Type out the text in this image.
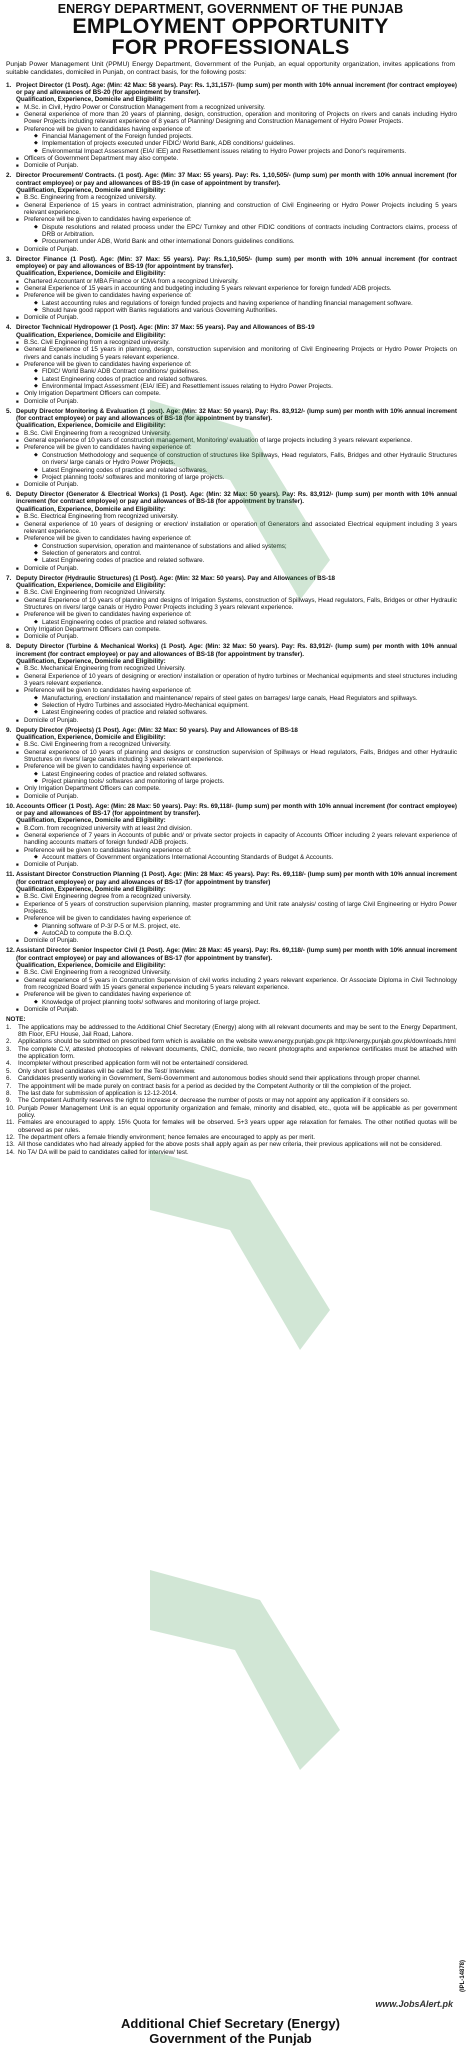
ENERGY DEPARTMENT, GOVERNMENT OF THE PUNJAB
EMPLOYMENT OPPORTUNITY
FOR PROFESSIONALS
Punjab Power Management Unit (PPMU) Energy Department, Government of the Punjab, an equal opportunity organization, invites applications from suitable candidates, domiciled in Punjab, on contract basis, for the following posts:
1. Project Director (1 Post). Age: (Min: 42 Max: 58 years). Pay: Rs. 1,31,157/- (lump sum) per month with 10% annual increment (for contract employee) or pay and allowances of BS-20 (for appointment by transfer).
Qualification, Experience, Domicile and Eligibility:
■ M.Sc. in Civil, Hydro Power or Construction Management from a recognized university.
■ General experience of more than 20 years of planning, design, construction, operation and monitoring of Projects on rivers and canals including Hydro Power Projects including relevant experience of 8 years of Planning/ Designing and Construction Management of Hydro Power Projects.
■ Preference will be given to candidates having experience of:
◆ Financial Management of the Foreign funded projects.
◆ Implementation of projects executed under FIDIC/ World Bank, ADB conditions/ guidelines.
◆ Environmental Impact Assessment (EIA/ IEE) and Resettlement issues relating to Hydro Power projects and Donor's requirements.
■ Officers of Government Department may also compete.
■ Domicile of Punjab.
2. Director Procurement/ Contracts. (1 post). Age: (Min: 37 Max: 55 years). Pay: Rs. 1,10,505/- (lump sum) per month with 10% annual increment (for contract employee) or pay and allowances of BS-19 (in case of appointment by transfer).
Qualification, Experience, Domicile and Eligibility:
■ B.Sc. Engineering from a recognized university.
■ General Experience of 15 years in contract administration, planning and construction of Civil Engineering or Hydro Power Projects including 5 years relevant experience.
■ Preference will be given to candidates having experience of:
◆ Dispute resolutions and related process under the EPC/ Turnkey and other FIDIC conditions of contracts including Contractors claims, process of DRB or Arbitration.
◆ Procurement under ADB, World Bank and other international Donors guidelines conditions.
■ Domicile of Punjab.
3. Director Finance (1 Post). Age: (Min: 37 Max: 55 years). Pay: Rs.1,10,505/- (lump sum) per month with 10% annual increment (for contract employee) or pay and allowances of BS-19 (for appointment by transfer).
Qualification, Experience, Domicile and Eligibility:
■ Chartered Accountant or MBA Finance or ICMA from a recognized University.
■ General Experience of 15 years in accounting and budgeting including 5 years relevant experience for foreign funded/ ADB projects.
■ Preference will be given to candidates having experience of:
◆ Latest accounting rules and regulations of foreign funded projects and having experience of handling financial management software.
◆ Should have good rapport with Banks regulations and various Governing Authorities.
■ Domicile of Punjab.
4. Director Technical/ Hydropower (1 Post). Age: (Min: 37 Max: 55 years). Pay and Allowances of BS-19
Qualification, Experience, Domicile and Eligibility:
■ B.Sc. Civil Engineering from a recognized university.
■ General Experience of 15 years in planning, design, construction supervision and monitoring of Civil Engineering Projects or Hydro Power Projects on rivers and canals including 5 years relevant experience.
■ Preference will be given to candidates having experience of:
◆ FIDIC/ World Bank/ ADB Contract conditions/ guidelines.
◆ Latest Engineering codes of practice and related softwares.
◆ Environmental Impact Assessment (EIA/ IEE) and Resettlement issues relating to Hydro Power Projects.
■ Only Irrigation Department Officers can compete.
■ Domicile of Punjab.
5. Deputy Director Monitoring & Evaluation (1 post). Age: (Min: 32 Max: 50 years). Pay: Rs. 83,912/- (lump sum) per month with 10% annual increment (for contract employee) or pay and allowances of BS-18 (for appointment by transfer).
Qualification, Experience, Domicile and Eligibility:
■ B.Sc. Civil Engineering from a recognized University.
■ General experience of 10 years of construction management, Monitoring/ evaluation of large projects including 3 years relevant experience.
■ Preference will be given to candidates having experience of:
◆ Construction Methodology and sequence of construction of structures like Spillways, Head regulators, Falls, Bridges and other Hydraulic Structures on rivers/ large canals or Hydro Power Projects.
◆ Latest Engineering codes of practice and related softwares.
◆ Project planning tools/ softwares and monitoring of large projects.
■ Domicile of Punjab.
6. Deputy Director (Generator & Electrical Works) (1 Post). Age: (Min: 32 Max: 50 years). Pay: Rs. 83,912/- (lump sum) per month with 10% annual increment (for contract employee) or pay and allowances of BS-18 (for appointment by transfer).
Qualification, Experience, Domicile and Eligibility:
■ B.Sc. Electrical Engineering from recognized university.
■ General experience of 10 years of designing or erection/ installation or operation of Generators and associated Electrical equipment including 3 years relevant experience.
■ Preference will be given to candidates having experience of:
◆ Construction supervision, operation and maintenance of substations and allied systems;
◆ Selection of generators and control.
◆ Latest Engineering codes of practice and related software.
■ Domicile of Punjab.
7. Deputy Director (Hydraulic Structures) (1 Post). Age: (Min: 32 Max: 50 years). Pay and Allowances of BS-18
Qualification, Experience, Domicile and Eligibility:
■ B.Sc. Civil Engineering from recognized University.
■ General Experience of 10 years of planning and designs of Irrigation Systems, construction of Spillways, Head regulators, Falls, Bridges or other Hydraulic Structures on rivers/ large canals or Hydro Power Projects including 3 years relevant experience.
■ Preference will be given to candidates having experience of:
◆ Latest Engineering codes of practice and related softwares.
■ Only Irrigation Department Officers can compete.
■ Domicile of Punjab.
8. Deputy Director (Turbine & Mechanical Works) (1 Post). Age: (Min: 32 Max: 50 years). Pay: Rs. 83,912/- (lump sum) per month with 10% annual increment (for contract employee) or pay and allowances of BS-18 (for appointment by transfer).
Qualification, Experience, Domicile and Eligibility:
■ B.Sc. Mechanical Engineering from recognized University.
■ General Experience of 10 years of designing or erection/ installation or operation of hydro turbines or Mechanical equipments and steel structures including 3 years relevant experience.
■ Preference will be given to candidates having experience of:
◆ Manufacturing, erection/ installation and maintenance/ repairs of steel gates on barrages/ large canals, Head Regulators and spillways.
◆ Selection of Hydro Turbines and associated Hydro-Mechanical equipment.
◆ Latest Engineering codes of practice and related softwares.
■ Domicile of Punjab.
9. Deputy Director (Projects) (1 Post). Age: (Min: 32 Max: 50 years). Pay and Allowances of BS-18
Qualification, Experience, Domicile and Eligibility:
■ B.Sc. Civil Engineering from a recognized University.
■ General experience of 10 years of planning and designs or construction supervision of Spillways or Head regulators, Falls, Bridges and other Hydraulic Structures on rivers/ large canals including 3 years relevant experience.
■ Preference will be given to candidates having experience of:
◆ Latest Engineering codes of practice and related softwares.
◆ Project planning tools/ softwares and monitoring of large projects.
■ Only Irrigation Department Officers can compete.
■ Domicile of Punjab.
10. Accounts Officer (1 Post). Age: (Min: 28 Max: 50 years). Pay: Rs. 69,118/- (lump sum) per month with 10% annual increment (for contract employee) or pay and allowances of BS-17 (for appointment by transfer).
Qualification, Experience, Domicile and Eligibility:
■ B.Com. from recognized university with at least 2nd division.
■ General experience of 7 years in Accounts of public and/ or private sector projects in capacity of Accounts Officer including 2 years relevant experience of handling accounts matters of foreign funded/ ADB projects.
■ Preference will be given to candidates having experience of:
◆ Account matters of Government organizations International Accounting Standards of Budget & Accounts.
■ Domicile of Punjab.
11. Assistant Director Construction Planning (1 Post). Age: (Min: 28 Max: 45 years). Pay: Rs. 69,118/- (lump sum) per month with 10% annual increment (for contract employee) or pay and allowances of BS-17 (for appointment by transfer)
Qualification, Experience, Domicile and Eligibility:
■ B.Sc. Civil Engineering degree from a recognized university.
■ Experience of 5 years of construction supervision planning, master programming and Unit rate analysis/ costing of large Civil Engineering or Hydro Power Projects.
■ Preference will be given to candidates having experience of:
◆ Planning software of P-3/ P-5 or M.S. project, etc.
◆ AutoCAD to compute the B.O.Q.
■ Domicile of Punjab.
12. Assistant Director Senior Inspector Civil (1 Post). Age: (Min: 28 Max: 45 years). Pay: Rs. 69,118/- (lump sum) per month with 10% annual increment (for contract employee) or pay and allowances of BS-17 (for appointment by transfer).
Qualification, Experience, Domicile and Eligibility:
■ B.Sc. Civil Engineering from a recognized University.
■ General experience of 5 years in Construction Supervision of civil works including 2 years relevant experience. Or Associate Diploma in Civil Technology from recognized Board with 15 years general experience including 5 years relevant experience.
■ Preference will be given to candidates having experience of:
◆ Knowledge of project planning tools/ softwares and monitoring of large project.
■ Domicile of Punjab.
NOTE:
1.	The applications may be addressed to the Additional Chief Secretary (Energy) along with all relevant documents and may be sent to the Energy Department, 8th Floor, EFU House, Jail Road, Lahore.
2.	Applications should be submitted on prescribed form which is available on the website www.energy.punjab.gov.pk http://energy.punjab.gov.pk/downloads.html
3.	The complete C.V, attested photocopies of relevant documents, CNIC, domicile, two recent photographs and experience certificates must be attached with the application form.
4.	Incomplete/ without prescribed application form will not be entertained/ considered.
5.	Only short listed candidates will be called for the Test/ Interview.
6.	Candidates presently working in Government, Semi-Government and autonomous bodies should send their applications through proper channel.
7.	The appointment will be made purely on contract basis for a period as decided by the Competent Authority or till the completion of the project.
8.	The last date for submission of application is 12-12-2014.
9.	The Competent Authority reserves the right to increase or decrease the number of posts or may not appoint any application if it considers so.
10. Punjab Power Management Unit is an equal opportunity organization and female, minority and disabled, etc., quota will be applicable as per government policy.
11. Females are encouraged to apply. 15% Quota for females will be observed. 5+3 years upper age relaxation for females. The other notified quotas will be observed as per rules.
12. The department offers a female friendly environment; hence females are encouraged to apply as per merit.
13. All those candidates who had already applied for the above posts shall apply again as per new criteria, their previous applications will not be considered.
14. No TA/ DA will be paid to candidates called for interview/ test.
(IPL-14878)
www.JobsAlert.pk
Additional Chief Secretary (Energy)
Government of the Punjab
